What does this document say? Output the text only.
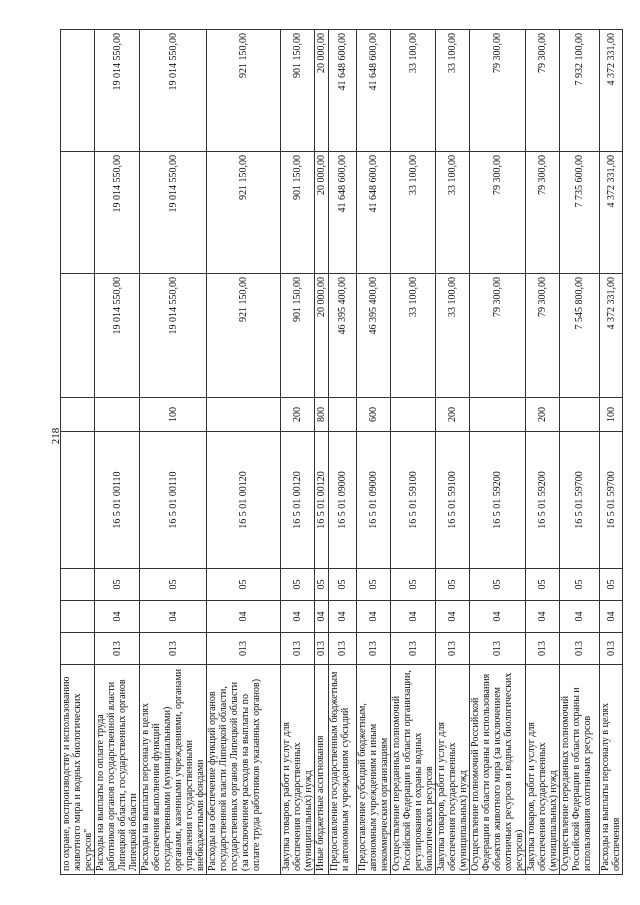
218
по охране, воспроизводству и использованию животного мира и водных биологических ресурсов"								
Расходы на выплаты по оплате труда работников органов государственной власти Липецкой области, государственных органов Липецкой области	013	04	05	16 5 01 00110		19 014 550,00	19 014 550,00	19 014 550,00
Расходы на выплаты персоналу в целях обеспечения выполнения функций государственными (муниципальными) органами, казенными учреждениями, органами управления государственными внебюджетными фондами	013	04	05	16 5 01 00110	100	19 014 550,00	19 014 550,00	19 014 550,00
Расходы на обеспечение функций органов государственной власти Липецкой области, государственных органов Липецкой области (за исключением расходов на выплаты по оплате труда работников указанных органов)	013	04	05	16 5 01 00120		921 150,00	921 150,00	921 150,00
Закупка товаров, работ и услуг для обеспечения государственных (муниципальных) нужд	013	04	05	16 5 01 00120	200	901 150,00	901 150,00	901 150,00
Иные бюджетные ассигнования	013	04	05	16 5 01 00120	800	20 000,00	20 000,00	20 000,00
Предоставление государственным бюджетным и автономным учреждениям субсидий	013	04	05	16 5 01 09000		46 395 400,00	41 648 600,00	41 648 600,00
Предоставление субсидий бюджетным, автономным учреждениям и иным некоммерческим организациям	013	04	05	16 5 01 09000	600	46 395 400,00	41 648 600,00	41 648 600,00
Осуществление переданных полномочий Российской Федерации в области организации, регулирования и охраны водных биологических ресурсов	013	04	05	16 5 01 59100		33 100,00	33 100,00	33 100,00
Закупка товаров, работ и услуг для обеспечения государственных (муниципальных) нужд	013	04	05	16 5 01 59100	200	33 100,00	33 100,00	33 100,00
Осуществление полномочий Российской Федерации в области охраны и использования объектов животного мира (за исключением охотничьих ресурсов и водных биологических ресурсов)	013	04	05	16 5 01 59200		79 300,00	79 300,00	79 300,00
Закупка товаров, работ и услуг для обеспечения государственных (муниципальных) нужд	013	04	05	16 5 01 59200	200	79 300,00	79 300,00	79 300,00
Осуществление переданных полномочий Российской Федерации в области охраны и использования охотничьих ресурсов	013	04	05	16 5 01 59700		7 545 800,00	7 735 600,00	7 932 100,00
Расходы на выплаты персоналу в целях обеспечения	013	04	05	16 5 01 59700	100	4 372 331,00	4 372 331,00	4 372 331,00
